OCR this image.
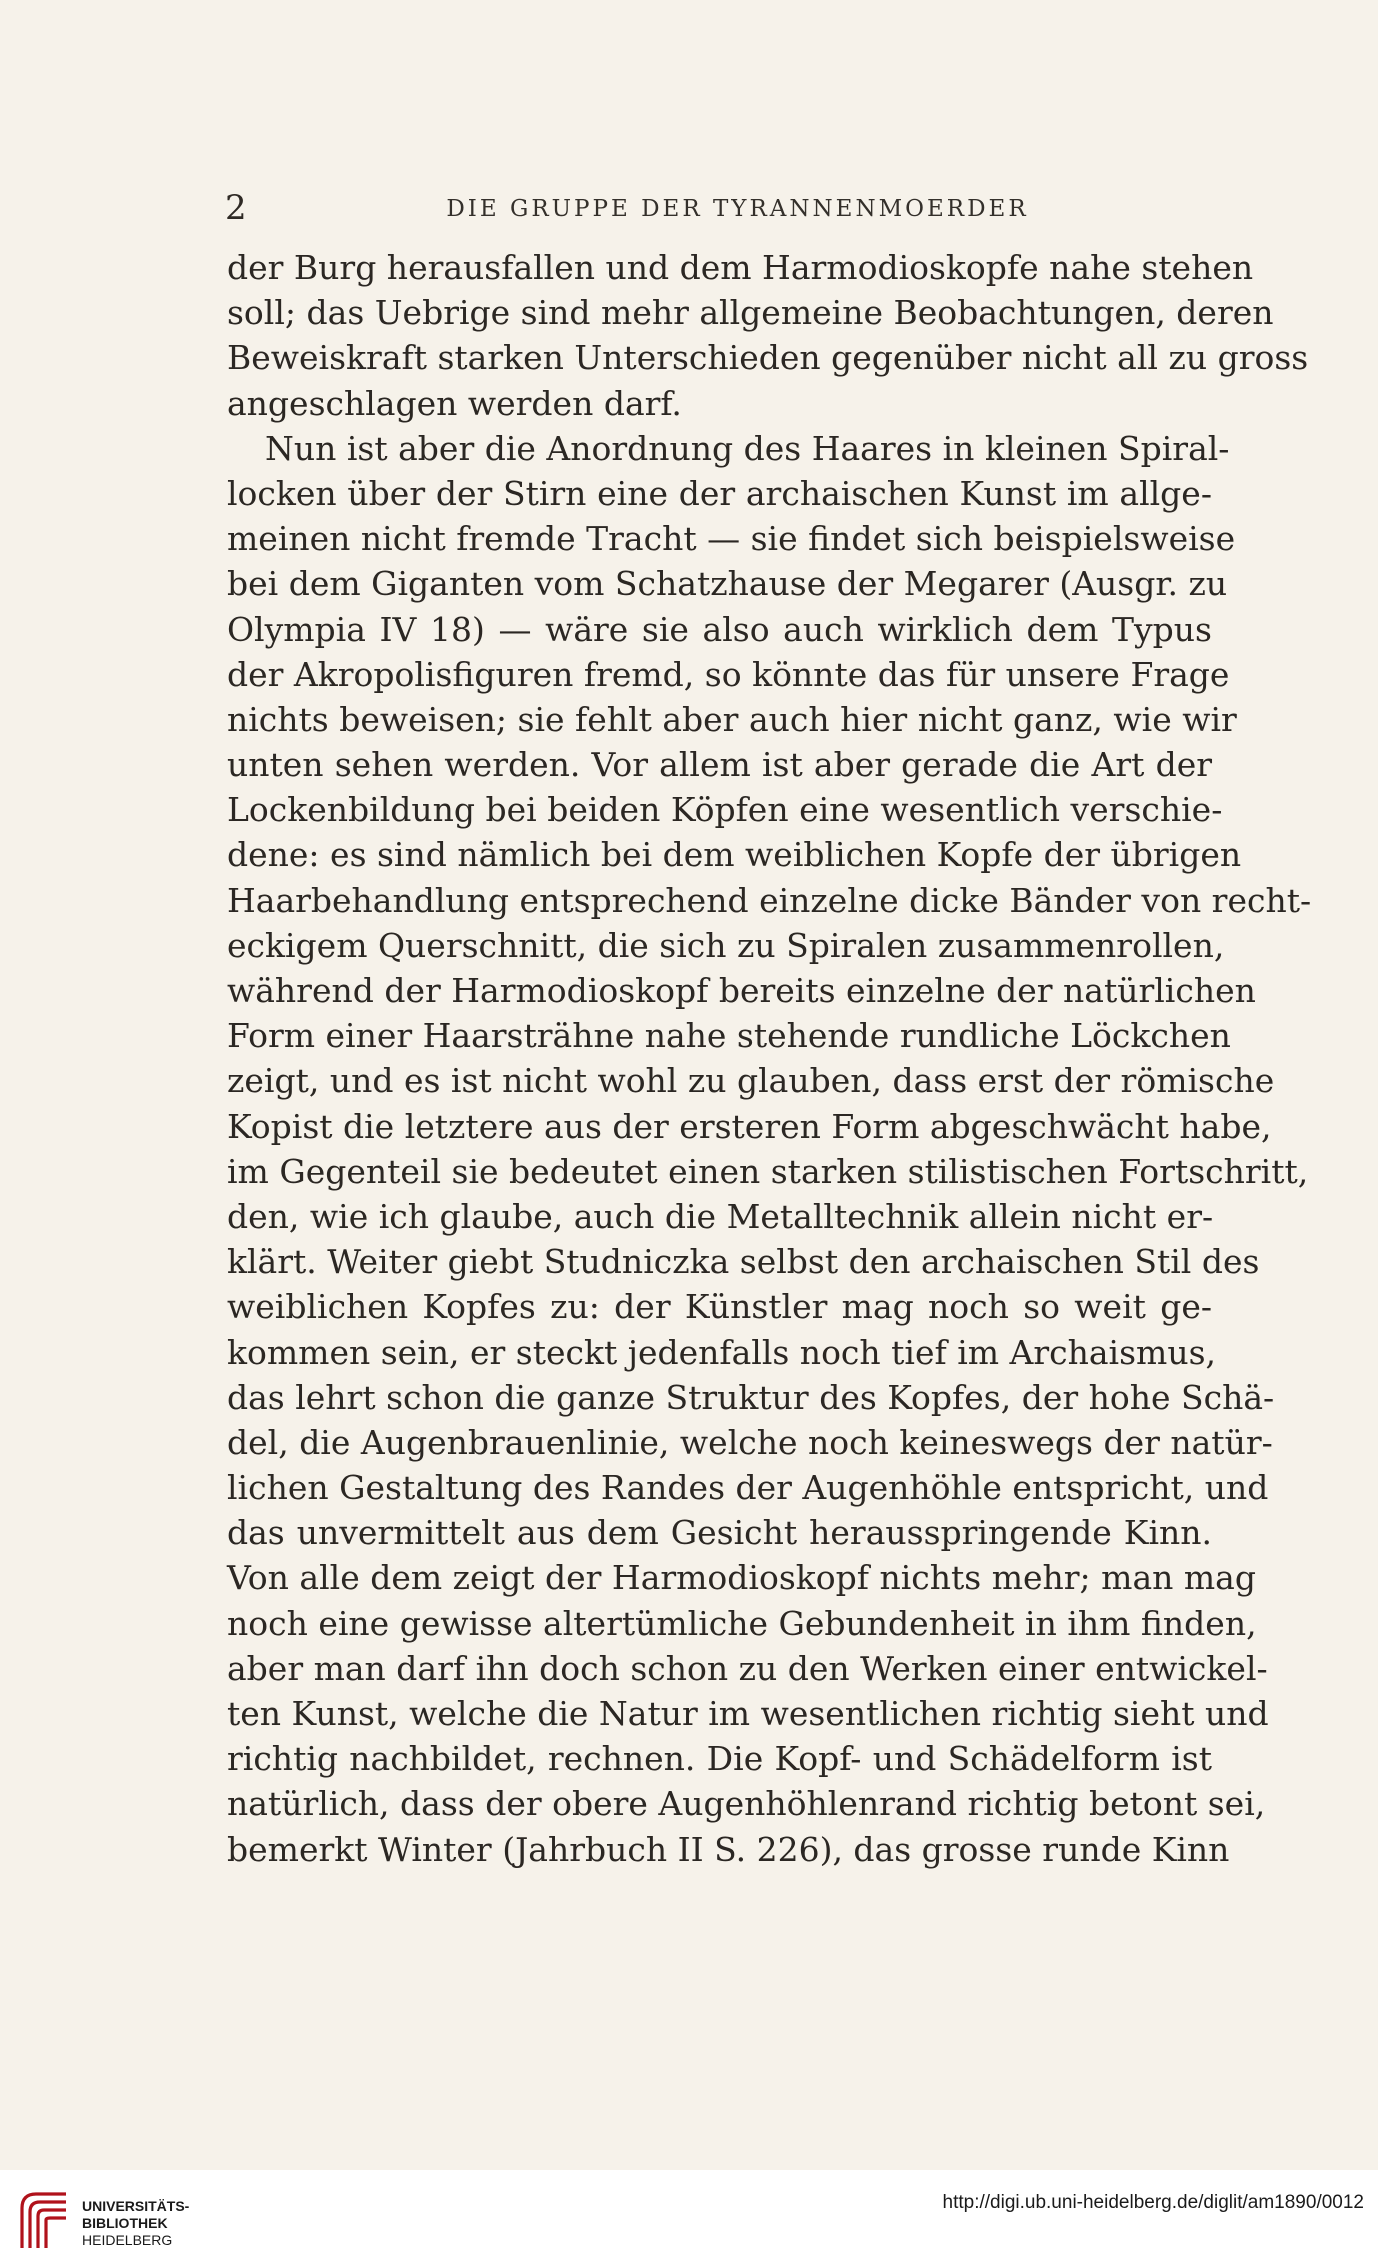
2	DIE GRUPPE DER TYRANNENMOERDER
der Burg herausfallen und dem Harmodioskopfe nahe stehen
soll; das Uebrige sind mehr allgemeine Beobachtungen, deren
Beweiskraft starken Unterschieden gegenüber nicht all zu gross
angeschlagen werden darf.
Nun ist aber die Anordnung des Haares in kleinen Spiral-
locken über der Stirn eine der archaischen Kunst im allge-
meinen nicht fremde Tracht — sie findet sich beispielsweise
bei dem Giganten vom Schatzhause der Megarer (Ausgr. zu
Olympia IV 18) — wäre sie also auch wirklich dem Typus
der Akropolisfiguren fremd, so könnte das für unsere Frage
nichts beweisen; sie fehlt aber auch hier nicht ganz, wie wir
unten sehen werden. Vor allem ist aber gerade die Art der
Lockenbildung bei beiden Köpfen eine wesentlich verschie-
dene: es sind nämlich bei dem weiblichen Kopfe der übrigen
Haarbehandlung entsprechend einzelne dicke Bänder von recht-
eckigem Querschnitt, die sich zu Spiralen zusammenrollen,
während der Harmodioskopf bereits einzelne der natürlichen
Form einer Haarsträhne nahe stehende rundliche Löckchen
zeigt, und es ist nicht wohl zu glauben, dass erst der römische
Kopist die letztere aus der ersteren Form abgeschwächt habe,
im Gegenteil sie bedeutet einen starken stilistischen Fortschritt,
den, wie ich glaube, auch die Metalltechnik allein nicht er-
klärt. Weiter giebt Studniczka selbst den archaischen Stil des
weiblichen Kopfes zu: der Künstler mag noch so weit ge-
kommen sein, er steckt jedenfalls noch tief im Archaismus,
das lehrt schon die ganze Struktur des Kopfes, der hohe Schä-
del, die Augenbrauenlinie, welche noch keineswegs der natür-
lichen Gestaltung des Randes der Augenhöhle entspricht, und
das unvermittelt aus dem Gesicht herausspringende Kinn.
Von alle dem zeigt der Harmodioskopf nichts mehr; man mag
noch eine gewisse altertümliche Gebundenheit in ihm finden,
aber man darf ihn doch schon zu den Werken einer entwickel-
ten Kunst, welche die Natur im wesentlichen richtig sieht und
richtig nachbildet, rechnen. Die Kopf- und Schädelform ist
natürlich, dass der obere Augenhöhlenrand richtig betont sei,
bemerkt Winter (Jahrbuch II S. 226), das grosse runde Kinn
UNIVERSITÄTS-
BIBLIOTHEK
HEIDELBERG
http://digi.ub.uni-heidelberg.de/diglit/am1890/0012
